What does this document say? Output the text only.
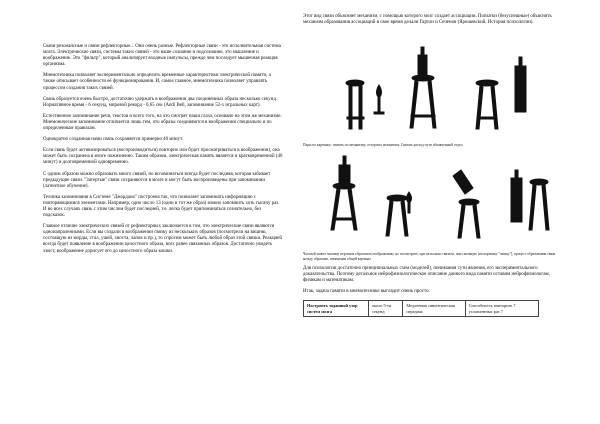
Связи резонансные и связи рефлекторные... Они очень разные. Рефлекторные связи - это исполнительная система мозга. Электрические связи, системы таких связей - это наше сознание и подсознание, это мышление и воображение. Это "фильтр", который анализирует входные импульсы, прежде чем последует мышечная реакция организма.

Мнемотехника позволяет экспериментально определить временные характеристики электрической памяти, а также описывает особенности её функционирования. И, самое главное, мнемотехника позволяет управлять процессом создания таких связей.

Связь образуется очень быстро, достаточно удержать в воображении два соединенных образа несколько секунд. Нормативное время - 6 секунд, мировой рекорд - 0,65 сек (Andi Bell, запоминание 52-х игральных карт).

Естественное запоминание речи, текстов и всего того, на что смотрят наши глаза, основано на этом же механизме. Мнемонические запоминание отличается лишь тем, что образы соединяются в воображении специально и по определенным правилам.

Однократно созданная нами связь сохраняется примерно 40 минут.

Если связь будет активизироваться (воспроизводиться) повторно или будет просматриваться в воображении), она может быть сохранена в мозге пожизненно. Таким образом, электрическая память является и кратковременной (40 минут) и долговременной одновременно.

С одним образом можно образовать много связей, но вспоминаться всегда будет последняя, которая забивает предыдущие связи. "Затертые" связи сохраняются в мозге и могут быть воспроизведены при запоминании (латентное обучение).

Техника запоминания в Системе "Джордано" построена так, что позволяет запоминать информацию с повторяющимися элементами. Например, одно число 13 (одни и тот же образ) можно запомнить хоть тысячу раз. И во всех случаях связь с этим числом будет последней, т.е. легко будет припоминаться сознательно, без подсказок.

Главное отличие электрических связей от рефлекторных заключается в том, что электрические связи являются одноиапраленными. Если вы создали в воображении связку из нескольких образов (посмотрели на вишню, состоящую из морды, стал, ушей, хвоста, лапок и пр.), то спросим может быть любой образ этой связки. Реакцией всегда будет появление в воображении целостного образа, всех ранее связанных образов. Достаточно увидеть хвост, воображение дорисует его до целостного образа кошки.

Этот вид связи объясняет механизм, с помощью которого мозг создает ассоциации. Попытки (безуспешные) объяснить механизм образования ассоциаций в свое время делали Гартли и Сеченов (Ярошевский, История психологии).

Пары по картинку: связать по механизму, отхорошо механизму. Связать расход пути объявленный отдел.

Часовой может машину персиков образовать изображению, но посмотрите, при несколько связали, они смешную (на картинку "связку"), процесс образования связи между образами, изменения общей картины

Для психологии достаточно принципиальных схем (моделей), понимания сути явления, его экспериментального доказательства. Поэтому детальное нейрофизиологическое описание данного вида памяти оставим нейрофизиологам, физикам и математикам.

Итак, задача памяти в мнемотехнике выглядит очень просто.

Настроить заданный узор систем мозга	около 5-ти секунд	Медленная синоптическая передача	Способность повторить 7 условленных раз 7
